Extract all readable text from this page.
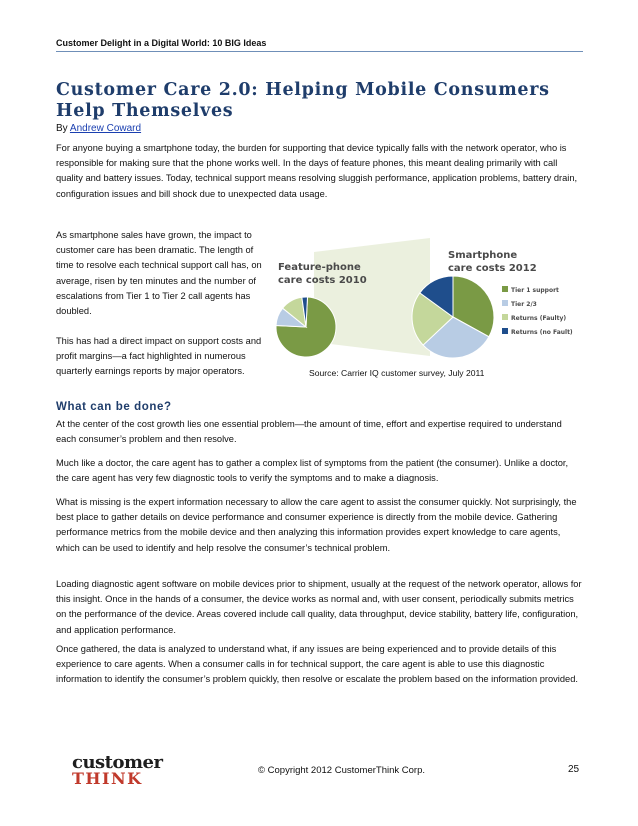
Customer Delight in a Digital World: 10 BIG Ideas
Customer Care 2.0: Helping Mobile Consumers Help Themselves
By Andrew Coward

For anyone buying a smartphone today, the burden for supporting that device typically falls with the network operator, who is responsible for making sure that the phone works well. In the days of feature phones, this meant dealing primarily with call quality and battery issues. Today, technical support means resolving sluggish performance, application problems, battery drain, configuration issues and bill shock due to unexpected data usage.

As smartphone sales have grown, the impact to customer care has been dramatic. The length of time to resolve each technical support call has, on average, risen by ten minutes and the number of escalations from Tier 1 to Tier 2 call agents has doubled.

This has had a direct impact on support costs and profit margins—a fact highlighted in numerous quarterly earnings reports by major operators.

Feature-phone
care costs 2010
Smartphone
care costs 2012
Tier 1 support
Tier 2/3
Returns (Faulty)
Returns (no Fault)
Source: Carrier IQ customer survey, July 2011
What can be done?

At the center of the cost growth lies one essential problem—the amount of time, effort and expertise required to understand each consumer’s problem and then resolve.

Much like a doctor, the care agent has to gather a complex list of symptoms from the patient (the consumer). Unlike a doctor, the care agent has very few diagnostic tools to verify the symptoms and to make a diagnosis.

What is missing is the expert information necessary to allow the care agent to assist the consumer quickly. Not surprisingly, the best place to gather details on device performance and consumer experience is directly from the mobile device. Gathering performance metrics from the mobile device and then analyzing this information provides expert knowledge to care agents, which can be used to identify and help resolve the consumer’s technical problem.

Loading diagnostic agent software on mobile devices prior to shipment, usually at the request of the network operator, allows for this insight. Once in the hands of a consumer, the device works as normal and, with user consent, periodically submits metrics on the performance of the device. Areas covered include call quality, data throughput, device stability, battery life, configuration, and application performance.

Once gathered, the data is analyzed to understand what, if any issues are being experienced and to provide details of this experience to care agents. When a consumer calls in for technical support, the care agent is able to use this diagnostic information to identify the consumer’s problem quickly, then resolve or escalate the problem based on the information provided.

customer
THINK	© Copyright 2012 CustomerThink Corp.	25
